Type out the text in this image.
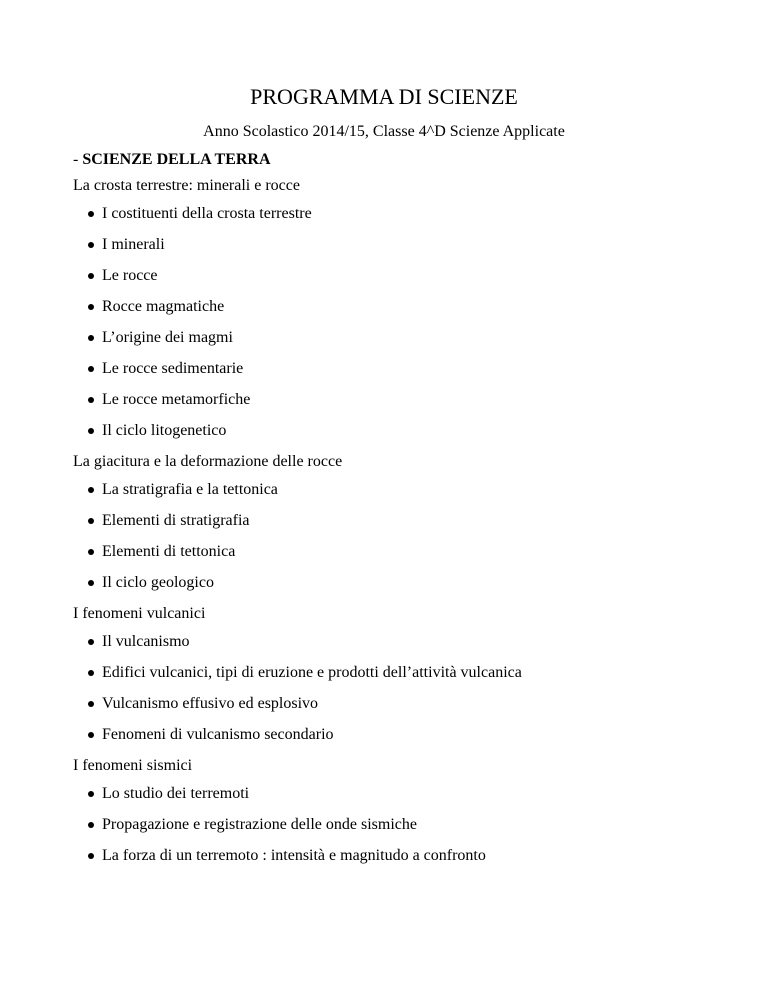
PROGRAMMA DI SCIENZE
Anno Scolastico 2014/15, Classe 4^D Scienze Applicate
- SCIENZE DELLA TERRA
La crosta terrestre: minerali e rocce
I costituenti della crosta terrestre
I minerali
Le rocce
Rocce magmatiche
L’origine dei magmi
Le rocce sedimentarie
Le rocce metamorfiche
Il ciclo litogenetico
La giacitura e la deformazione delle rocce
La stratigrafia e la tettonica
Elementi di stratigrafia
Elementi di tettonica
Il ciclo geologico
I fenomeni vulcanici
Il vulcanismo
Edifici vulcanici, tipi di eruzione e prodotti dell’attività vulcanica
Vulcanismo effusivo ed esplosivo
Fenomeni di vulcanismo secondario
I fenomeni sismici
Lo studio dei terremoti
Propagazione e registrazione delle onde sismiche
La forza di un terremoto : intensità e magnitudo a confronto
